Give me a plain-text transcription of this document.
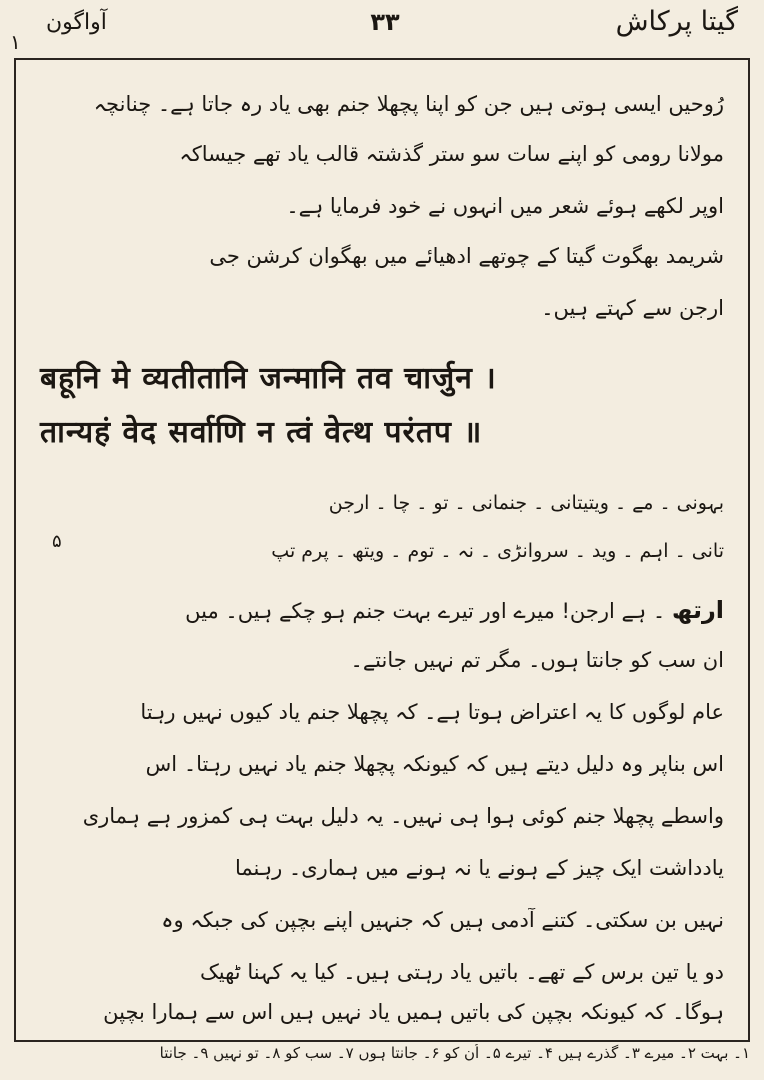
گیتا پرکاش
۳۳
آواگون
١
رُوحیں ایسی ہوتی ہیں جن کو اپنا پچھلا جنم بھی یاد رہ جاتا ہے۔ چنانچہ
مولانا رومی کو اپنے سات سو ستر گذشتہ قالب یاد تھے جیساکہ
اوپر لکھے ہوئے شعر میں انہوں نے خود فرمایا ہے۔
شریمد بھگوت گیتا کے چوتھے ادھیائے میں بھگوان کرشن جی
ارجن سے کہتے ہیں۔
बहूनि मे व्यतीतानि जन्मानि तव चार्जुन ।
तान्यहं वेद सर्वाणि न त्वं वेत्थ परंतप ॥
بہونی ۔ مے ۔ ویتیتانی ۔ جنمانی ۔ تو ۔ چا ۔ ارجن
تانی ۔ اہم ۔ وید ۔ سروانڑی ۔ نہ ۔ توم ۔ ویتھ ۔ پرم تپ
۵
ارتھ ۔ ہے ارجن! میرے اور تیرے بہت جنم ہو چکے ہیں۔ میں
ان سب کو جانتا ہوں۔ مگر تم نہیں جانتے۔
عام لوگوں کا یہ اعتراض ہوتا ہے۔ کہ پچھلا جنم یاد کیوں نہیں رہتا
اس بناپر وہ دلیل دیتے ہیں کہ کیونکہ پچھلا جنم یاد نہیں رہتا۔ اس
واسطے پچھلا جنم کوئی ہوا ہی نہیں۔ یہ دلیل بہت ہی کمزور ہے ہماری
یادداشت ایک چیز کے ہونے یا نہ ہونے میں ہماری۔ رہنما
نہیں بن سکتی۔ کتنے آدمی ہیں کہ جنہیں اپنے بچپن کی جبکہ وہ
دو یا تین برس کے تھے۔ باتیں یاد رہتی ہیں۔ کیا یہ کہنا ٹھیک
ہوگا۔ کہ کیونکہ بچپن کی باتیں ہمیں یاد نہیں ہیں اس سے ہمارا بچپن
١۔ بہت ٢۔ میرے ٣۔ گذرے ہیں ۴۔ تیرے ۵۔ اُن کو ۶۔ جانتا ہوں ۷۔ سب کو ۸۔ تو نہیں ۹۔ جانتا
